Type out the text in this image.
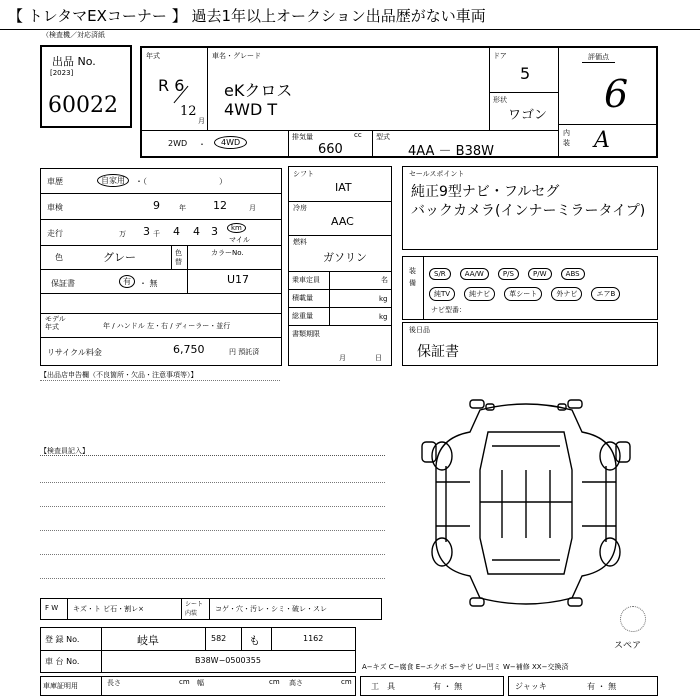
【 トレタマEXコーナー 】 過去1年以上オークション出品歴がない車両
（検査機／対応済紙
出品 No.
[2023]
60022
年式
R 6
12
月
車名・グレード
eKクロス
4WD T
ドア
5
形状
ワゴン
評価点
6
内装 A
2WD ・	4WD
排気量	cc
660
型式
4AA － B38W
車歴	自家用	・（　　　　　　　　　）
車検	9	年 12	月
走行	万 3 千 4 4 3	km
マイル
色	グレー	色替
カラーNo.
U17
保証書	有	・ 無
モデル年式	年 / ハンドル 左・右 / ディーラー・並行
リサイクル料金	6,750	円 預託済
シフト
IAT
冷房
AAC
燃料
ガソリン
乗車定員	名
積載量	kg
総重量	kg
書類期限
月	日
セールスポイント
純正9型ナビ・フルセグ
バックカメラ(インナーミラータイプ)
装備
S/R	AA/W	P/S	P/W	ABS
純TV	純ナビ	革シート	外ナビ	エアB
ナビ型番：
後日品
保証書
【出品店申告欄（不良箇所・欠品・注意事項等）】
【検査員記入】
スペア
F W キズ・ト ビ石・割レ×
シート内装
コゲ・穴・汚レ・シミ・破レ・スレ
登 録 No.	岐阜	582 も	1162
車 台 No.	B38W−0500355
A−キズ C−腐食 E−エクボ S−サビ U−凹ミ W−補修 XX−交換済
車庫証明用	長さ	cm 幅	cm 高さ	cm 工　具	有 ・ 無	ジャッキ	有 ・ 無
